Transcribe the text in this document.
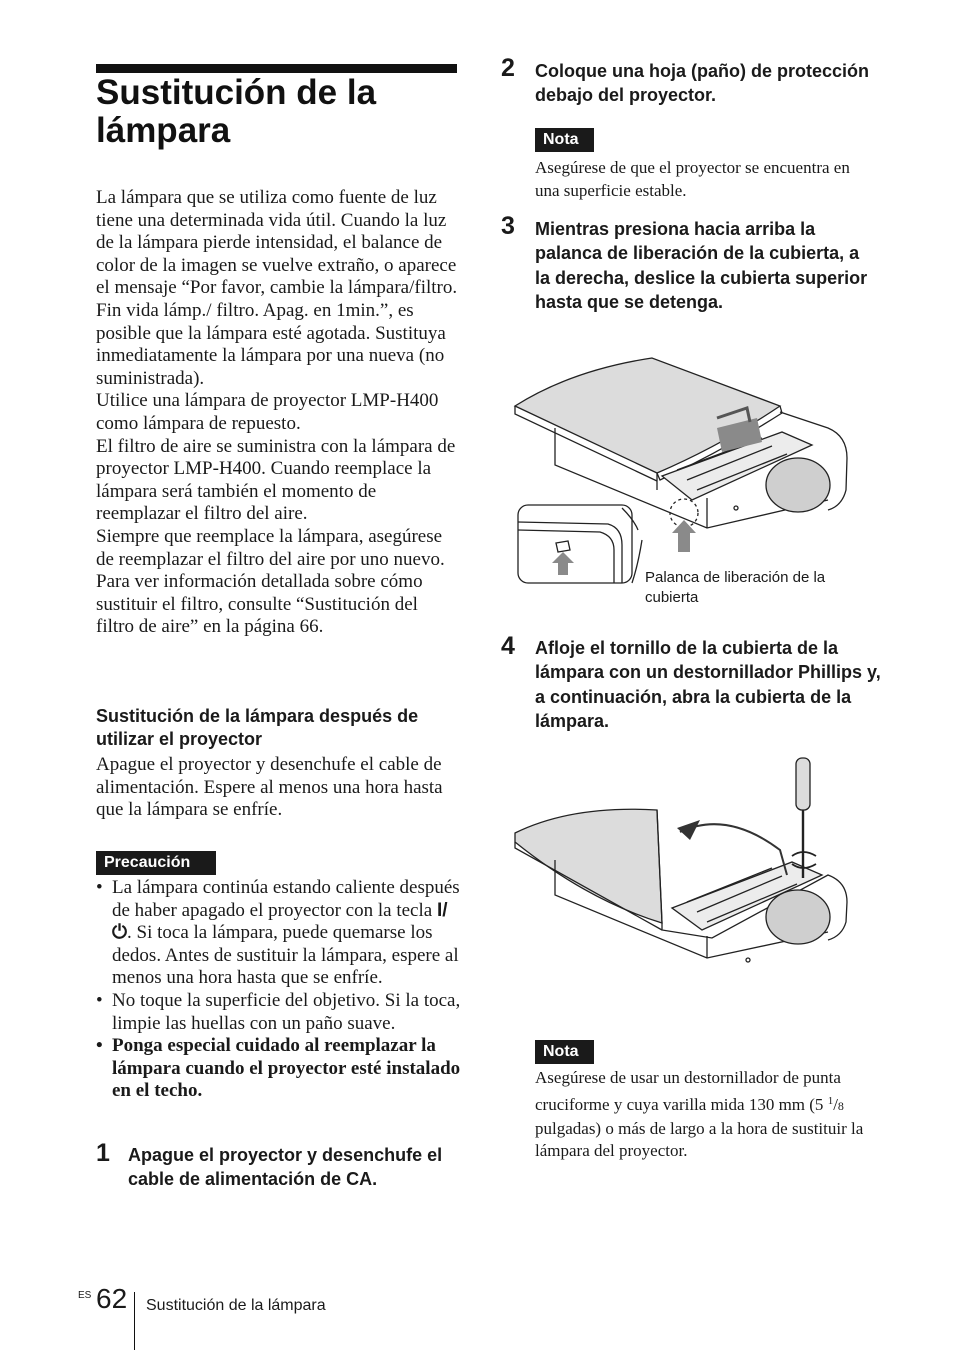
Sustitución de la lámpara

La lámpara que se utiliza como fuente de luz tiene una determinada vida útil. Cuando la luz de la lámpara pierde intensidad, el balance de color de la imagen se vuelve extraño, o aparece el mensaje “Por favor, cambie la lámpara/filtro. Fin vida lámp./ filtro. Apag. en 1min.”, es posible que la lámpara esté agotada. Sustituya inmediatamente la lámpara por una nueva (no suministrada).

Utilice una lámpara de proyector LMP-H400 como lámpara de repuesto.

El filtro de aire se suministra con la lámpara de proyector LMP-H400. Cuando reemplace la lámpara será también el momento de reemplazar el filtro del aire.

Siempre que reemplace la lámpara, asegúrese de reemplazar el filtro del aire por uno nuevo.

Para ver información detallada sobre cómo sustituir el filtro, consulte “Sustitución del filtro de aire” en la página 66.

Sustitución de la lámpara después de utilizar el proyector

Apague el proyector y desenchufe el cable de alimentación. Espere al menos una hora hasta que la lámpara se enfríe.

Precaución
• La lámpara continúa estando caliente después de haber apagado el proyector con la tecla I/⏻. Si toca la lámpara, puede quemarse los dedos. Antes de sustituir la lámpara, espere al menos una hora hasta que se enfríe.
• No toque la superficie del objetivo. Si la toca, limpie las huellas con un paño suave.
• Ponga especial cuidado al reemplazar la lámpara cuando el proyector esté instalado en el techo.
1 Apague el proyector y desenchufe el cable de alimentación de CA.

2 Coloque una hoja (paño) de protección debajo del proyector.

Nota

Asegúrese de que el proyector se encuentra en una superficie estable.

3 Mientras presiona hacia arriba la palanca de liberación de la cubierta, a la derecha, deslice la cubierta superior hasta que se detenga.

Palanca de liberación de la cubierta
4 Afloje el tornillo de la cubierta de la lámpara con un destornillador Phillips y, a continuación, abra la cubierta de la lámpara.

Nota

Asegúrese de usar un destornillador de punta cruciforme y cuya varilla mida 130 mm (5 $^1$/8 pulgadas) o más de largo a la hora de sustituir la lámpara del proyector.

ES 62 Sustitución de la lámpara
